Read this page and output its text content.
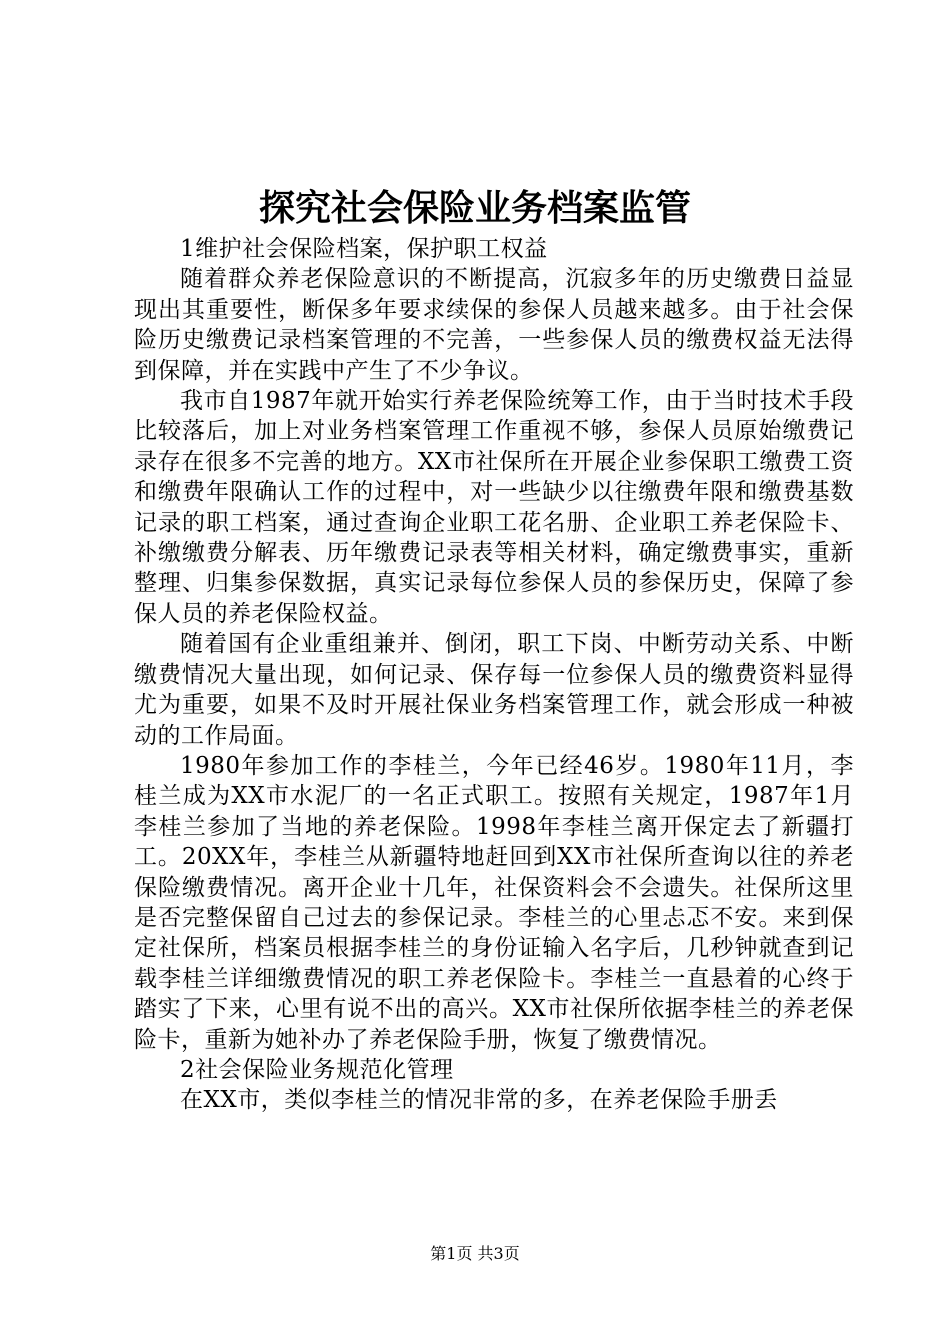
探究社会保险业务档案监管

1维护社会保险档案，保护职工权益

随着群众养老保险意识的不断提高，沉寂多年的历史缴费日益显现出其重要性，断保多年要求续保的参保人员越来越多。由于社会保险历史缴费记录档案管理的不完善，一些参保人员的缴费权益无法得到保障，并在实践中产生了不少争议。

我市自1987年就开始实行养老保险统筹工作，由于当时技术手段比较落后，加上对业务档案管理工作重视不够，参保人员原始缴费记录存在很多不完善的地方。XX市社保所在开展企业参保职工缴费工资和缴费年限确认工作的过程中，对一些缺少以往缴费年限和缴费基数记录的职工档案，通过查询企业职工花名册、企业职工养老保险卡、补缴缴费分解表、历年缴费记录表等相关材料，确定缴费事实，重新整理、归集参保数据，真实记录每位参保人员的参保历史，保障了参保人员的养老保险权益。

随着国有企业重组兼并、倒闭，职工下岗、中断劳动关系、中断缴费情况大量出现，如何记录、保存每一位参保人员的缴费资料显得尤为重要，如果不及时开展社保业务档案管理工作，就会形成一种被动的工作局面。

1980年参加工作的李桂兰，今年已经46岁。1980年11月，李桂兰成为XX市水泥厂的一名正式职工。按照有关规定，1987年1月李桂兰参加了当地的养老保险。1998年李桂兰离开保定去了新疆打工。20XX年，李桂兰从新疆特地赶回到XX市社保所查询以往的养老保险缴费情况。离开企业十几年，社保资料会不会遗失。社保所这里是否完整保留自己过去的参保记录。李桂兰的心里忐忑不安。来到保定社保所，档案员根据李桂兰的身份证输入名字后，几秒钟就查到记载李桂兰详细缴费情况的职工养老保险卡。李桂兰一直悬着的心终于踏实了下来，心里有说不出的高兴。XX市社保所依据李桂兰的养老保险卡，重新为她补办了养老保险手册，恢复了缴费情况。

2社会保险业务规范化管理

在XX市，类似李桂兰的情况非常的多，在养老保险手册丢

第1页 共3页
